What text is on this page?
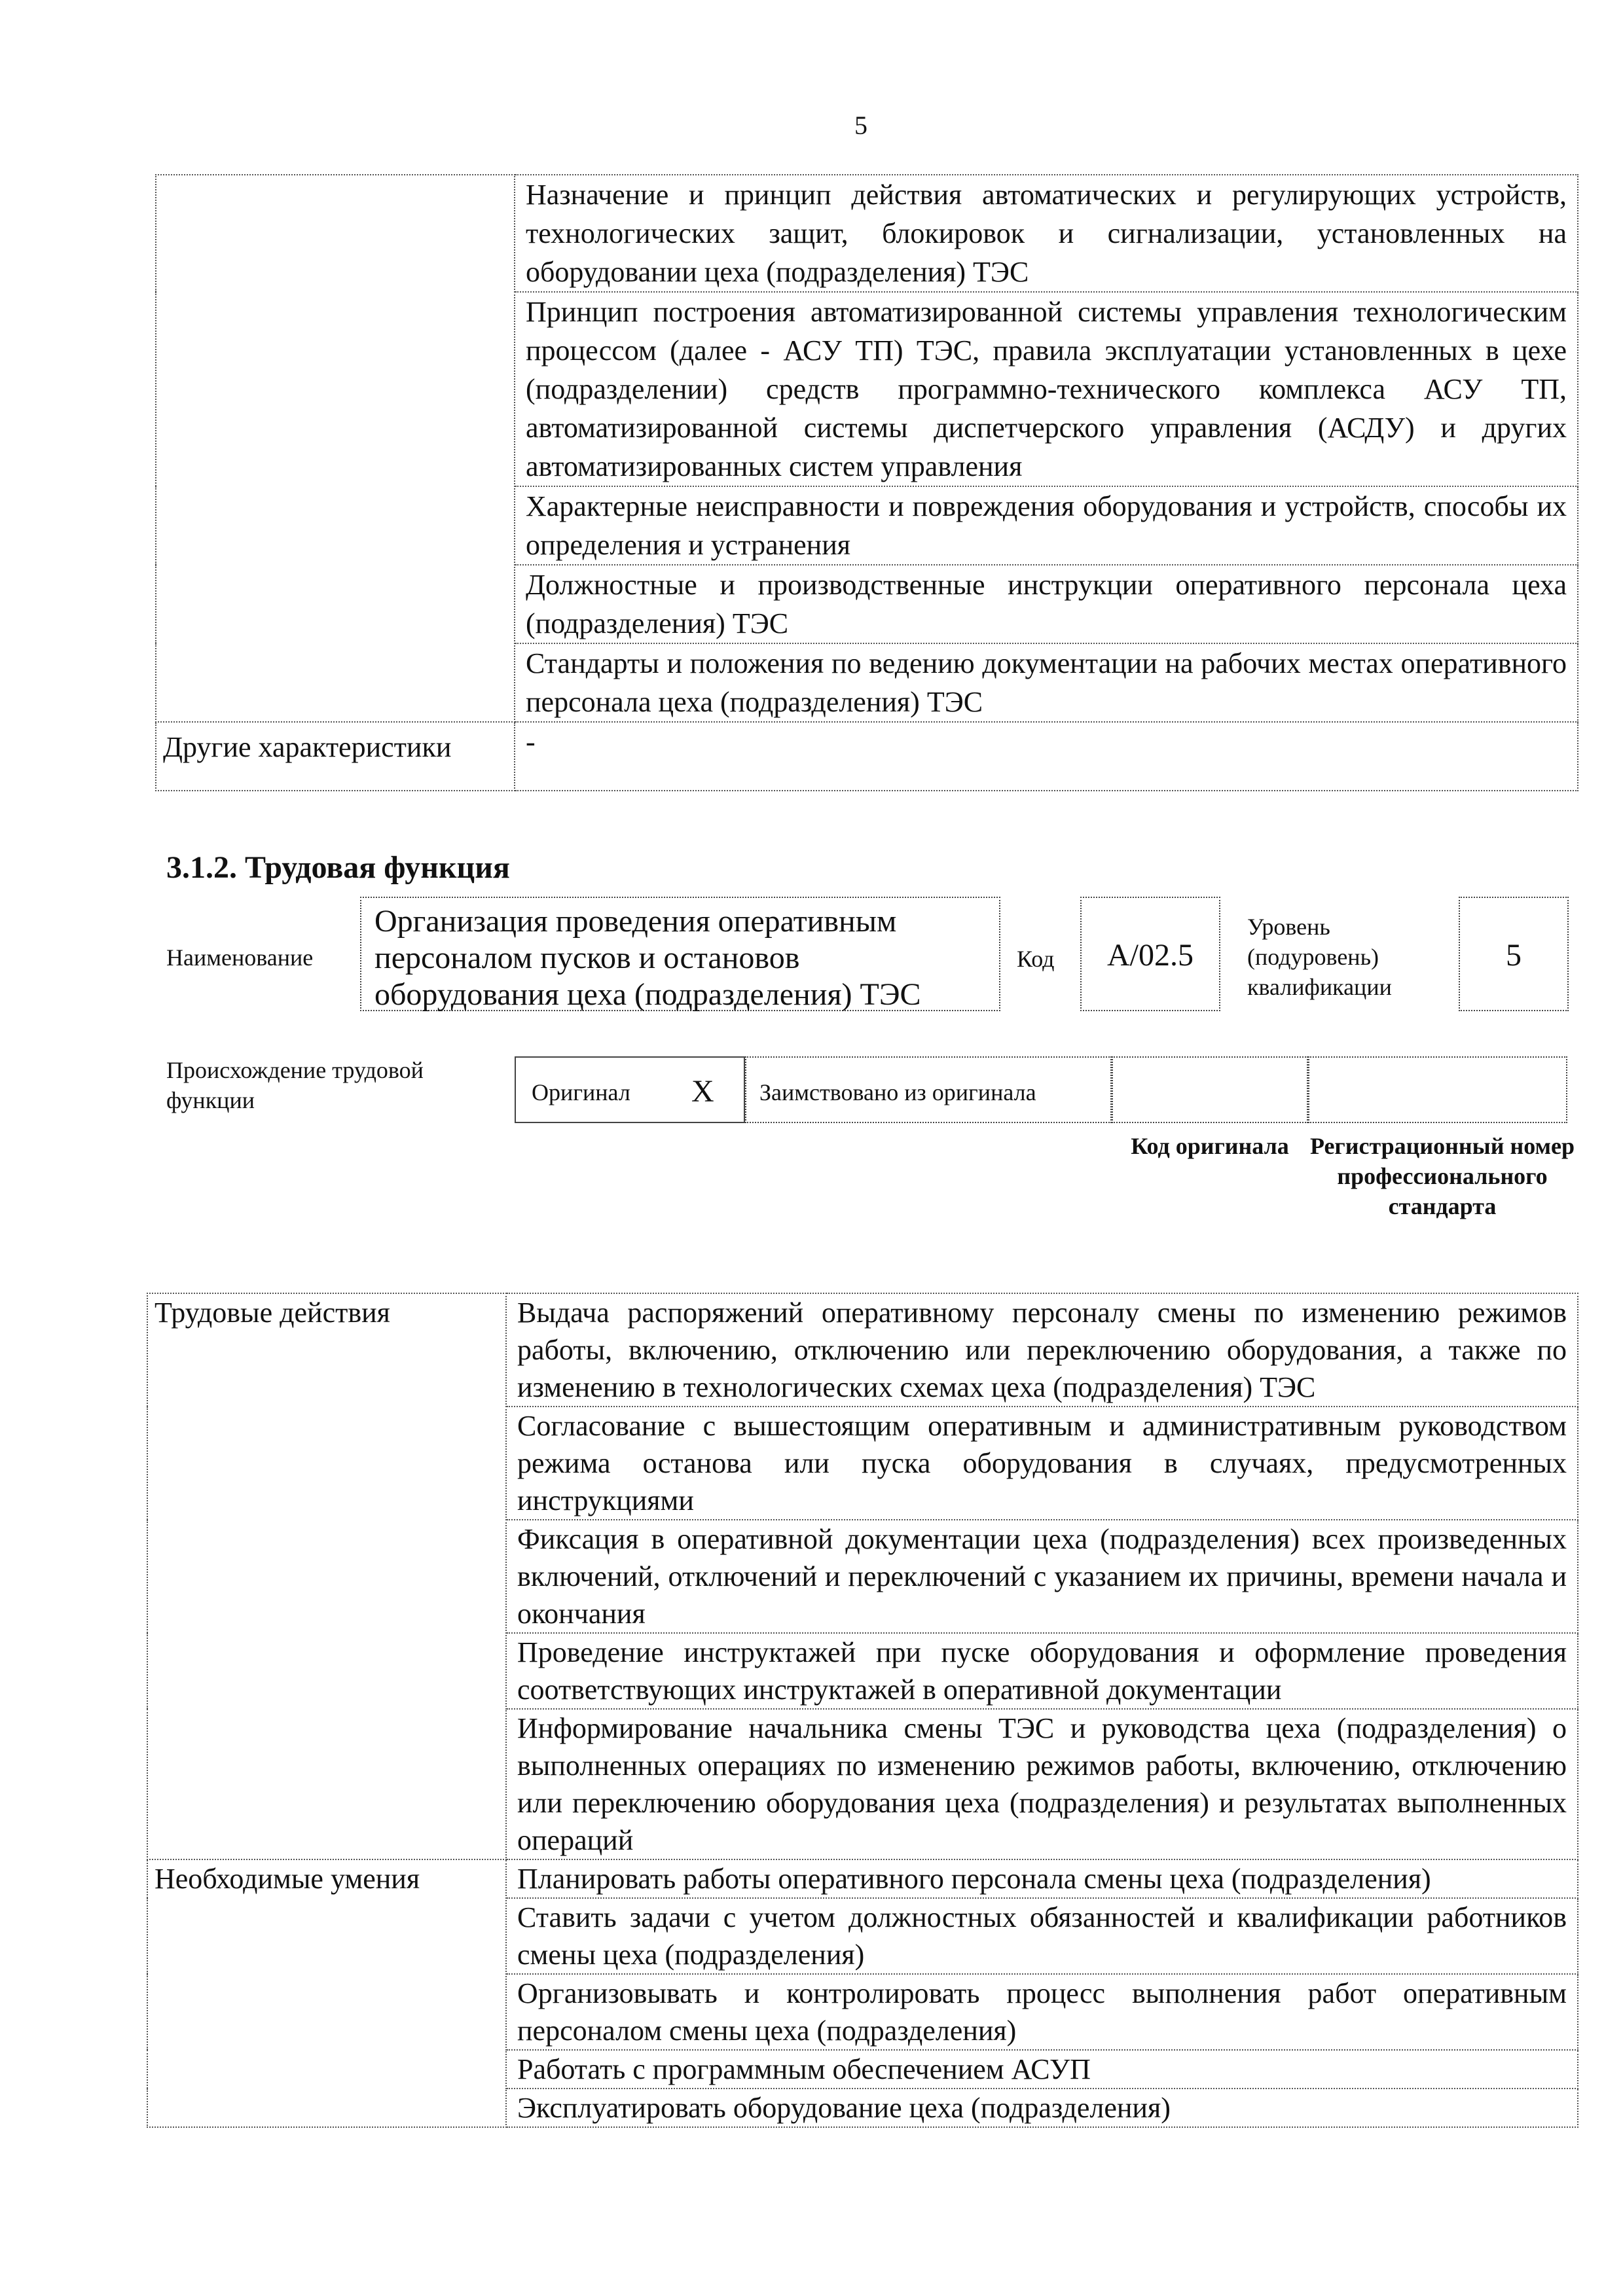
5
	Назначение и принцип действия автоматических и регулирующих устройств, технологических защит, блокировок и сигнализации, установленных на оборудовании цеха (подразделения) ТЭС
	Принцип построения автоматизированной системы управления технологическим процессом (далее - АСУ ТП) ТЭС, правила эксплуатации установленных в цехе (подразделении) средств программно-технического комплекса АСУ ТП, автоматизированной системы диспетчерского управления (АСДУ) и других автоматизированных систем управления
	Характерные неисправности и повреждения оборудования и устройств, способы их определения и устранения
	Должностные и производственные инструкции оперативного персонала цеха (подразделения) ТЭС
	Стандарты и положения по ведению документации на рабочих местах оперативного персонала цеха (подразделения) ТЭС
Другие характеристики	-
3.1.2. Трудовая функция
Наименование
Организация проведения оперативным персоналом пусков и остановов оборудования цеха (подразделения) ТЭС
Код	А/02.5
Уровень (подуровень) квалификации
5
Происхождение трудовой функции	Оригинал X Заимствовано из оригинала
Код оригинала Регистрационный номер профессионального стандарта
Трудовые действия	Выдача распоряжений оперативному персоналу смены по изменению режимов работы, включению, отключению или переключению оборудования, а также по изменению в технологических схемах цеха (подразделения) ТЭС
	Согласование с вышестоящим оперативным и административным руководством режима останова или пуска оборудования в случаях, предусмотренных инструкциями
	Фиксация в оперативной документации цеха (подразделения) всех произведенных включений, отключений и переключений с указанием их причины, времени начала и окончания
	Проведение инструктажей при пуске оборудования и оформление проведения соответствующих инструктажей в оперативной документации
	Информирование начальника смены ТЭС и руководства цеха (подразделения) о выполненных операциях по изменению режимов работы, включению, отключению или переключению оборудования цеха (подразделения) и результатах выполненных операций
Необходимые умения	Планировать работы оперативного персонала смены цеха (подразделения)
	Ставить задачи с учетом должностных обязанностей и квалификации работников смены цеха (подразделения)
	Организовывать и контролировать процесс выполнения работ оперативным персоналом смены цеха (подразделения)
	Работать с программным обеспечением АСУП
	Эксплуатировать оборудование цеха (подразделения)
